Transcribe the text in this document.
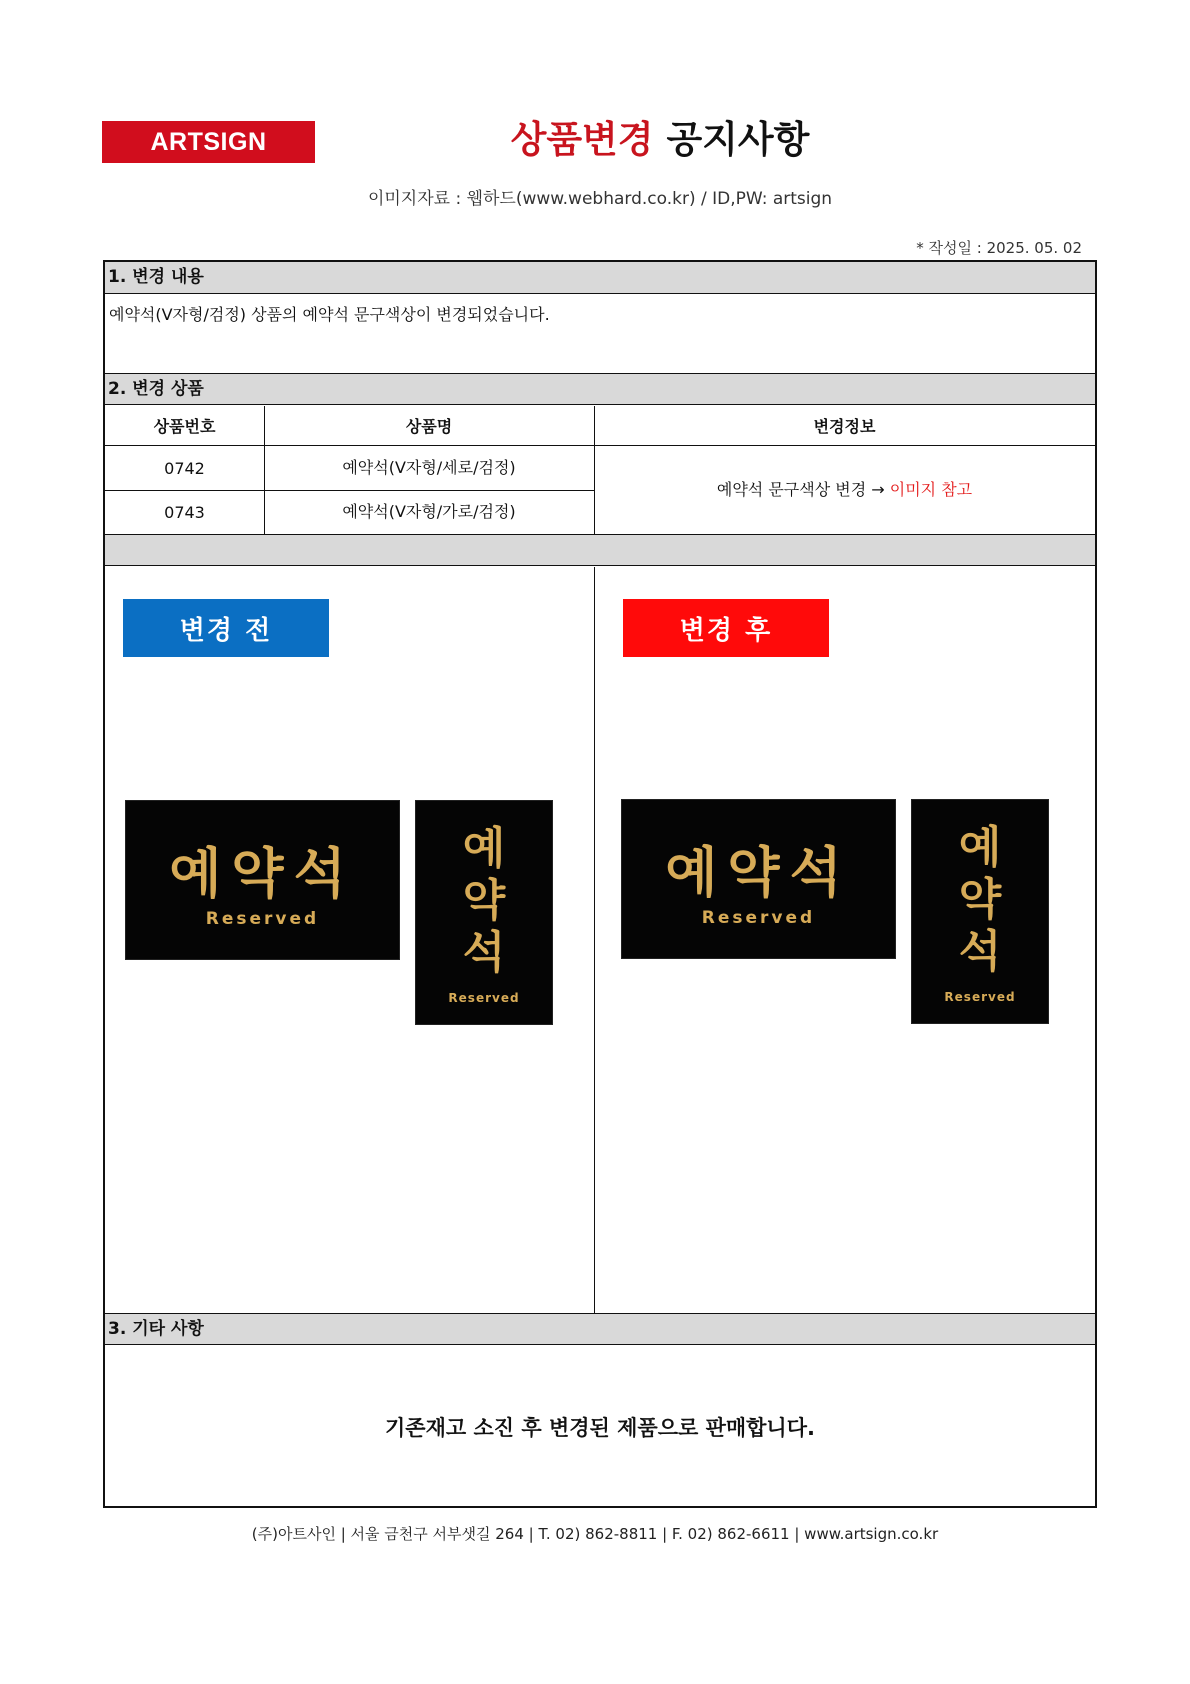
ARTSIGN	상품변경 공지사항
이미지자료 : 웹하드(www.webhard.co.kr) / ID,PW: artsign
* 작성일 : 2025. 05. 02
1. 변경 내용
예약석(V자형/검정) 상품의 예약석 문구색상이 변경되었습니다.
2. 변경 상품
상품번호	상품명	변경정보
0742	예약석(V자형/세로/검정)
0743	예약석(V자형/가로/검정)
예약석 문구색상 변경 →
이미지 참고
변경 전
예약석
Reserved
예
약
석
Reserved
변경 후
예약석
Reserved
예
약
석
Reserved
3. 기타 사항
기존재고 소진 후 변경된 제품으로 판매합니다.
(주)아트사인 | 서울 금천구 서부샛길 264 | T. 02) 862-8811 | F. 02) 862-6611 | www.artsign.co.kr
